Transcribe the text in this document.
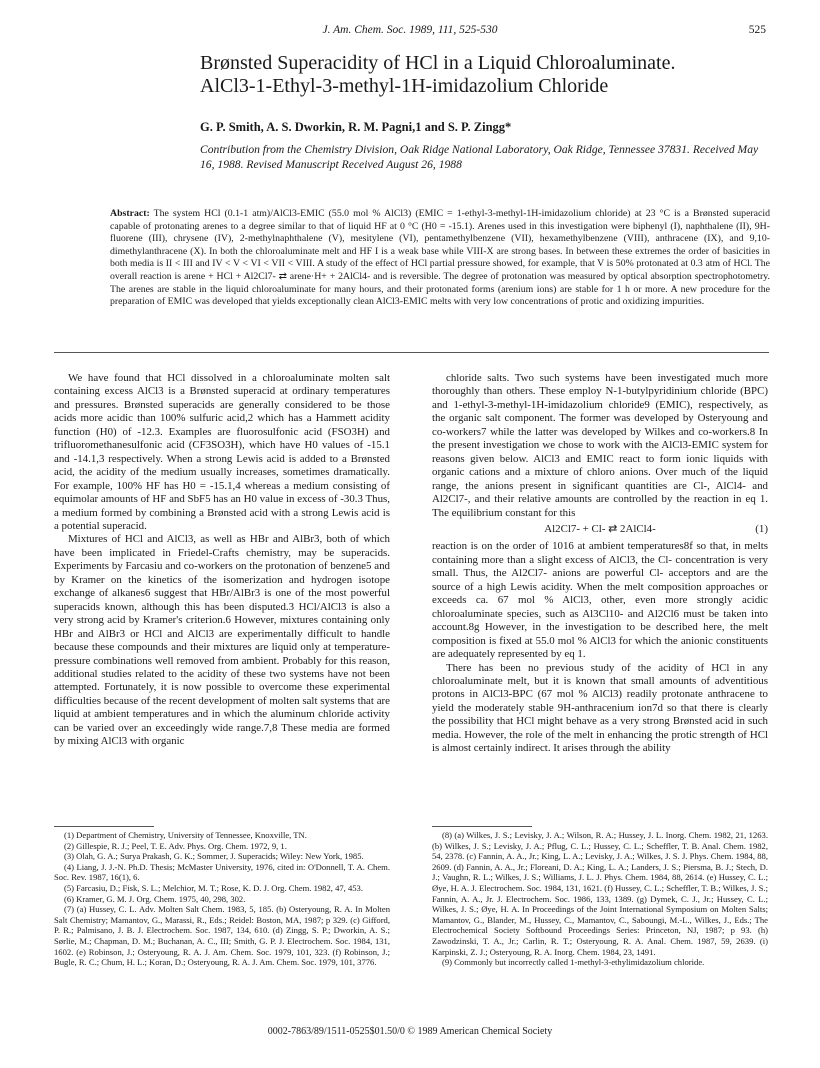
J. Am. Chem. Soc. 1989, 111, 525-530	525
Brønsted Superacidity of HCl in a Liquid Chloroaluminate.
AlCl3-1-Ethyl-3-methyl-1H-imidazolium Chloride
G. P. Smith, A. S. Dworkin, R. M. Pagni,1 and S. P. Zingg*
Contribution from the Chemistry Division, Oak Ridge National Laboratory, Oak Ridge, Tennessee 37831. Received May 16, 1988. Revised Manuscript Received August 26, 1988
Abstract: The system HCl (0.1-1 atm)/AlCl3-EMIC (55.0 mol % AlCl3) (EMIC = 1-ethyl-3-methyl-1H-imidazolium chloride) at 23 °C is a Brønsted superacid capable of protonating arenes to a degree similar to that of liquid HF at 0 °C (H0 = -15.1). Arenes used in this investigation were biphenyl (I), naphthalene (II), 9H-fluorene (III), chrysene (IV), 2-methylnaphthalene (V), mesitylene (VI), pentamethylbenzene (VII), hexamethylbenzene (VIII), anthracene (IX), and 9,10-dimethylanthracene (X). In both the chloroaluminate melt and HF I is a weak base while VIII-X are strong bases. In between these extremes the order of basicities in both media is II < III and IV < V < VI < VII < VIII. A study of the effect of HCl partial pressure showed, for example, that V is 50% protonated at 0.3 atm of HCl. The overall reaction is arene + HCl + Al2Cl7- ⇄ arene·H+ + 2AlCl4- and is reversible. The degree of protonation was measured by optical absorption spectrophotometry. The arenes are stable in the liquid chloroaluminate for many hours, and their protonated forms (arenium ions) are stable for 1 h or more. A new procedure for the preparation of EMIC was developed that yields exceptionally clean AlCl3-EMIC melts with very low concentrations of protic and oxidizing impurities.

We have found that HCl dissolved in a chloroaluminate molten salt containing excess AlCl3 is a Brønsted superacid at ordinary temperatures and pressures. Brønsted superacids are generally considered to be those acids more acidic than 100% sulfuric acid,2 which has a Hammett acidity function (H0) of -12.3. Examples are fluorosulfonic acid (FSO3H) and trifluoromethanesulfonic acid (CF3SO3H), which have H0 values of -15.1 and -14.1,3 respectively. When a strong Lewis acid is added to a Brønsted acid, the acidity of the medium usually increases, sometimes dramatically. For example, 100% HF has H0 = -15.1,4 whereas a medium consisting of equimolar amounts of HF and SbF5 has an H0 value in excess of -30.3 Thus, a medium formed by combining a Brønsted acid with a strong Lewis acid is a potential superacid.

Mixtures of HCl and AlCl3, as well as HBr and AlBr3, both of which have been implicated in Friedel-Crafts chemistry, may be superacids. Experiments by Farcasiu and co-workers on the protonation of benzene5 and by Kramer on the kinetics of the isomerization and hydrogen isotope exchange of alkanes6 suggest that HBr/AlBr3 is one of the most powerful superacids known, although this has been disputed.3 HCl/AlCl3 is also a very strong acid by Kramer's criterion.6 However, mixtures containing only HBr and AlBr3 or HCl and AlCl3 are experimentally difficult to handle because these compounds and their mixtures are liquid only at temperature-pressure combinations well removed from ambient. Probably for this reason, additional studies related to the acidity of these two systems have not been attempted. Fortunately, it is now possible to overcome these experimental difficulties because of the recent development of molten salt systems that are liquid at ambient temperatures and in which the aluminum chloride activity can be varied over an exceedingly wide range.7,8 These media are formed by mixing AlCl3 with organic

chloride salts. Two such systems have been investigated much more thoroughly than others. These employ N-1-butylpyridinium chloride (BPC) and 1-ethyl-3-methyl-1H-imidazolium chloride9 (EMIC), respectively, as the organic salt component. The former was developed by Osteryoung and co-workers7 while the latter was developed by Wilkes and co-workers.8 In the present investigation we chose to work with the AlCl3-EMIC system for reasons given below. AlCl3 and EMIC react to form ionic liquids with organic cations and a mixture of chloro anions. Over much of the liquid range, the anions present in significant quantities are Cl-, AlCl4- and Al2Cl7-, and their relative amounts are controlled by the reaction in eq 1. The equilibrium constant for this

Al2Cl7- + Cl- ⇄ 2AlCl4-	(1)

reaction is on the order of 1016 at ambient temperatures8f so that, in melts containing more than a slight excess of AlCl3, the Cl- concentration is very small. Thus, the Al2Cl7- anions are powerful Cl- acceptors and are the source of a high Lewis acidity. When the melt composition approaches or exceeds ca. 67 mol % AlCl3, other, even more strongly acidic chloroaluminate species, such as Al3Cl10- and Al2Cl6 must be taken into account.8g However, in the investigation to be described here, the melt composition is fixed at 55.0 mol % AlCl3 for which the anionic constituents are adequately represented by eq 1.

There has been no previous study of the acidity of HCl in any chloroaluminate melt, but it is known that small amounts of adventitious protons in AlCl3-BPC (67 mol % AlCl3) readily protonate anthracene to yield the moderately stable 9H-anthracenium ion7d so that there is clearly the possibility that HCl might behave as a very strong Brønsted acid in such media. However, the role of the melt in enhancing the protic strength of HCl is almost certainly indirect. It arises through the ability

(1) Department of Chemistry, University of Tennessee, Knoxville, TN.
(2) Gillespie, R. J.; Peel, T. E. Adv. Phys. Org. Chem. 1972, 9, 1.
(3) Olah, G. A.; Surya Prakash, G. K.; Sommer, J. Superacids; Wiley: New York, 1985.
(4) Liang, J. J.-N. Ph.D. Thesis; McMaster University, 1976, cited in: O'Donnell, T. A. Chem. Soc. Rev. 1987, 16(1), 6.
(5) Farcasiu, D.; Fisk, S. L.; Melchior, M. T.; Rose, K. D. J. Org. Chem. 1982, 47, 453.
(6) Kramer, G. M. J. Org. Chem. 1975, 40, 298, 302.
(7) (a) Hussey, C. L. Adv. Molten Salt Chem. 1983, 5, 185. (b) Osteryoung, R. A. In Molten Salt Chemistry; Mamantov, G., Marassi, R., Eds.; Reidel: Boston, MA, 1987; p 329. (c) Gifford, P. R.; Palmisano, J. B. J. Electrochem. Soc. 1987, 134, 610. (d) Zingg, S. P.; Dworkin, A. S.; Sørlie, M.; Chapman, D. M.; Buchanan, A. C., III; Smith, G. P. J. Electrochem. Soc. 1984, 131, 1602. (e) Robinson, J.; Osteryoung, R. A. J. Am. Chem. Soc. 1979, 101, 323. (f) Robinson, J.; Bugle, R. C.; Chum, H. L.; Koran, D.; Osteryoung, R. A. J. Am. Chem. Soc. 1979, 101, 3776.
(8) (a) Wilkes, J. S.; Levisky, J. A.; Wilson, R. A.; Hussey, J. L. Inorg. Chem. 1982, 21, 1263. (b) Wilkes, J. S.; Levisky, J. A.; Pflug, C. L.; Hussey, C. L.; Scheffler, T. B. Anal. Chem. 1982, 54, 2378. (c) Fannin, A. A., Jr.; King, L. A.; Levisky, J. A.; Wilkes, J. S. J. Phys. Chem. 1984, 88, 2609. (d) Fannin, A. A., Jr.; Floreani, D. A.; King, L. A.; Landers, J. S.; Piersma, B. J.; Stech, D. J.; Vaughn, R. L.; Wilkes, J. S.; Williams, J. L. J. Phys. Chem. 1984, 88, 2614. (e) Hussey, C. L.; Øye, H. A. J. Electrochem. Soc. 1984, 131, 1621. (f) Hussey, C. L.; Scheffler, T. B.; Wilkes, J. S.; Fannin, A. A., Jr. J. Electrochem. Soc. 1986, 133, 1389. (g) Dymek, C. J., Jr.; Hussey, C. L.; Wilkes, J. S.; Øye, H. A. In Proceedings of the Joint International Symposium on Molten Salts; Mamantov, G., Blander, M., Hussey, C., Mamantov, C., Saboungi, M.-L., Wilkes, J., Eds.; The Electrochemical Society Softbound Proceedings Series: Princeton, NJ, 1987; p 93. (h) Zawodzinski, T. A., Jr.; Carlin, R. T.; Osteryoung, R. A. Anal. Chem. 1987, 59, 2639. (i) Karpinski, Z. J.; Osteryoung, R. A. Inorg. Chem. 1984, 23, 1491.
(9) Commonly but incorrectly called 1-methyl-3-ethylimidazolium chloride.
0002-7863/89/1511-0525$01.50/0 © 1989 American Chemical Society
